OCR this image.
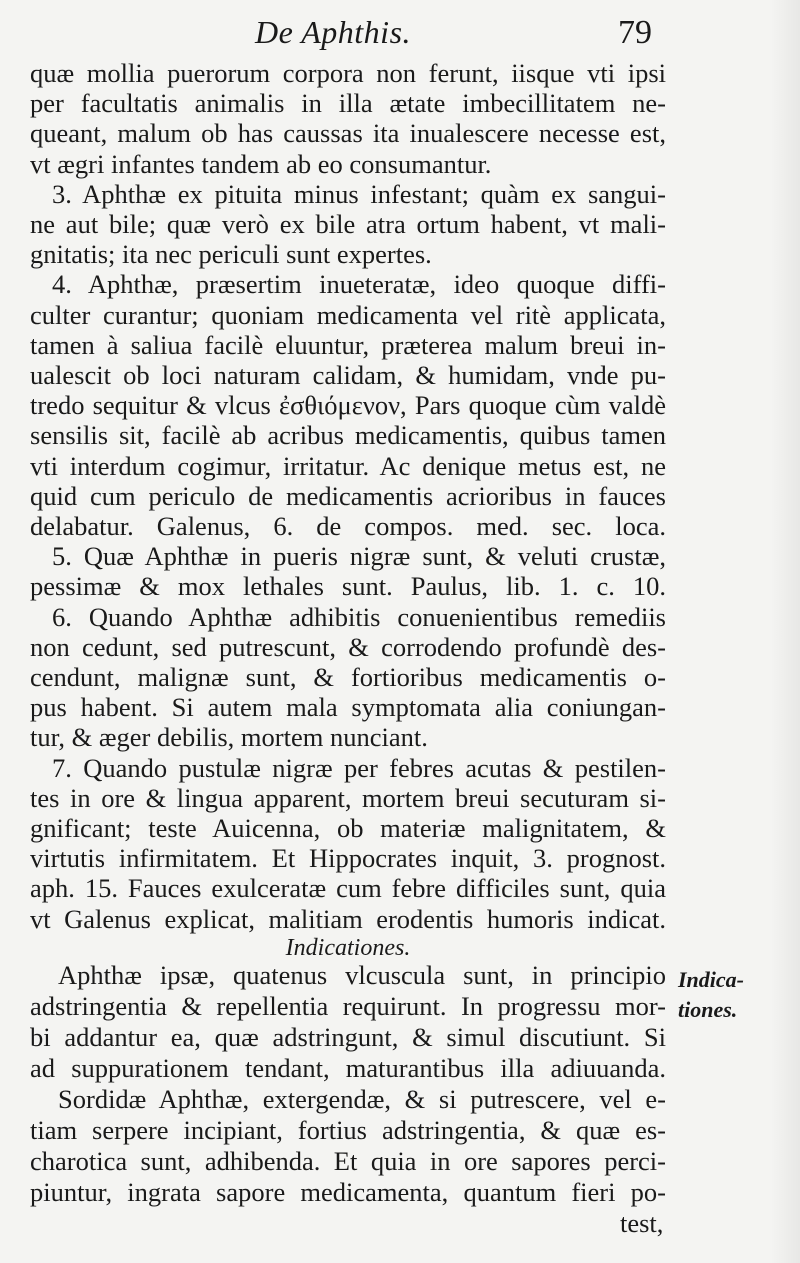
De Aphthis.	79
quæ mollia puerorum corpora non ferunt, iisque vti ipsi
per facultatis animalis in illa ætate imbecillitatem ne-
queant, malum ob has caussas ita inualescere necesse est,
vt ægri infantes tandem ab eo consumantur.
3. Aphthæ ex pituita minus infestant; quàm ex sangui-
ne aut bile; quæ verò ex bile atra ortum habent, vt mali-
gnitatis; ita nec periculi sunt expertes.
4. Aphthæ, præsertim inueteratæ, ideo quoque diffi-
culter curantur; quoniam medicamenta vel ritè applicata,
tamen à saliua facilè eluuntur, præterea malum breui in-
ualescit ob loci naturam calidam, & humidam, vnde pu-
tredo sequitur & vlcus ἐσθιόμενον, Pars quoque cùm valdè
sensilis sit, facilè ab acribus medicamentis, quibus tamen
vti interdum cogimur, irritatur. Ac denique metus est, ne
quid cum periculo de medicamentis acrioribus in fauces
delabatur. Galenus, 6. de compos. med. sec. loca.
5. Quæ Aphthæ in pueris nigræ sunt, & veluti crustæ,
pessimæ & mox lethales sunt. Paulus, lib. 1. c. 10.
6. Quando Aphthæ adhibitis conuenientibus remediis
non cedunt, sed putrescunt, & corrodendo profundè des-
cendunt, malignæ sunt, & fortioribus medicamentis o-
pus habent. Si autem mala symptomata alia coniungan-
tur, & æger debilis, mortem nunciant.
7. Quando pustulæ nigræ per febres acutas & pestilen-
tes in ore & lingua apparent, mortem breui secuturam si-
gnificant; teste Auicenna, ob materiæ malignitatem, &
virtutis infirmitatem. Et Hippocrates inquit, 3. prognost.
aph. 15. Fauces exulceratæ cum febre difficiles sunt, quia
vt Galenus explicat, malitiam erodentis humoris indicat.
Indicationes.
Aphthæ ipsæ, quatenus vlcuscula sunt, in principio
adstringentia & repellentia requirunt. In progressu mor-
bi addantur ea, quæ adstringunt, & simul discutiunt. Si
ad suppurationem tendant, maturantibus illa adiuuanda.
Sordidæ Aphthæ, extergendæ, & si putrescere, vel e-
tiam serpere incipiant, fortius adstringentia, & quæ es-
charotica sunt, adhibenda. Et quia in ore sapores perci-
piuntur, ingrata sapore medicamenta, quantum fieri po-
test,
Indica-
tiones.
